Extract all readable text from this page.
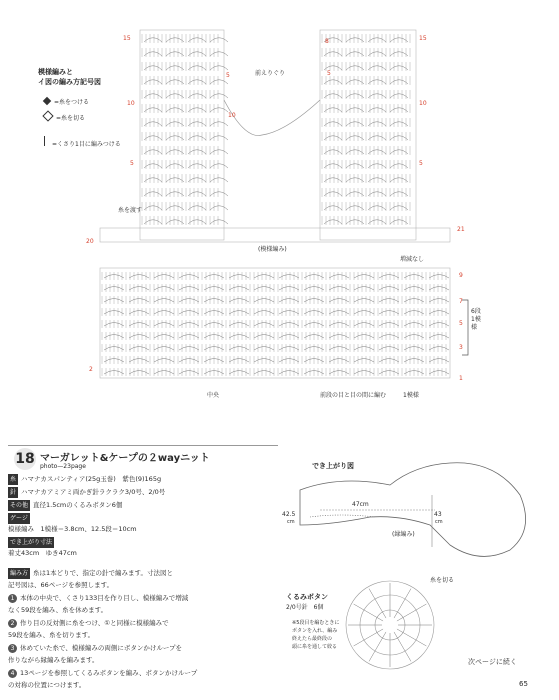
模様編みと
イ図の編み方記号図
=糸をつける
=糸を切る
=くさり1目に編みつける
前えりぐり
(模様編み)
増減なし
糸を渡す
中央	前段の目と目の間に編む	1模様
6段1模様
15
10
5
20
2
5
10
8	15
5
10
5
9
7
5
3
1
21
18 マーガレット&ケープの２wayニット
photo—23page
糸 ハマナカスパンティア(25g玉巻)　紫色(9)165g
針 ハマナカアミアミ両かぎ針ラクラク3/0号、2/0号
その他 直径1.5cmのくるみボタン6個
ゲージ
模様編み　1模様＝3.8cm、12.5段＝10cm
でき上がり寸法
着丈43cm　ゆき47cm
編み方 糸は1本どりで、指定の針で編みます。寸法図と
記号図は、66ページを参照します。
1 本体の中央で、くさり133目を作り目し、模様編みで増減
なく59段を編み、糸を休めます。
2 作り目の反対側に糸をつけ、①と同様に模様編みで
59段を編み、糸を切ります。
3 休めていた糸で、模様編みの両側にボタンかけループを
作りながら縁編みを編みます。
4 13ページを参照してくるみボタンを編み、ボタンかけループ
の対称の位置につけます。
でき上がり図
47cm
42.5
cm
43
cm
(縁編み)
くるみボタン
2/0号針　6個
糸を切る
※5段目を編むときに
ボタンを入れ、編み
終えたら最終段の
頭に糸を通して絞る
次ページに続く
65
